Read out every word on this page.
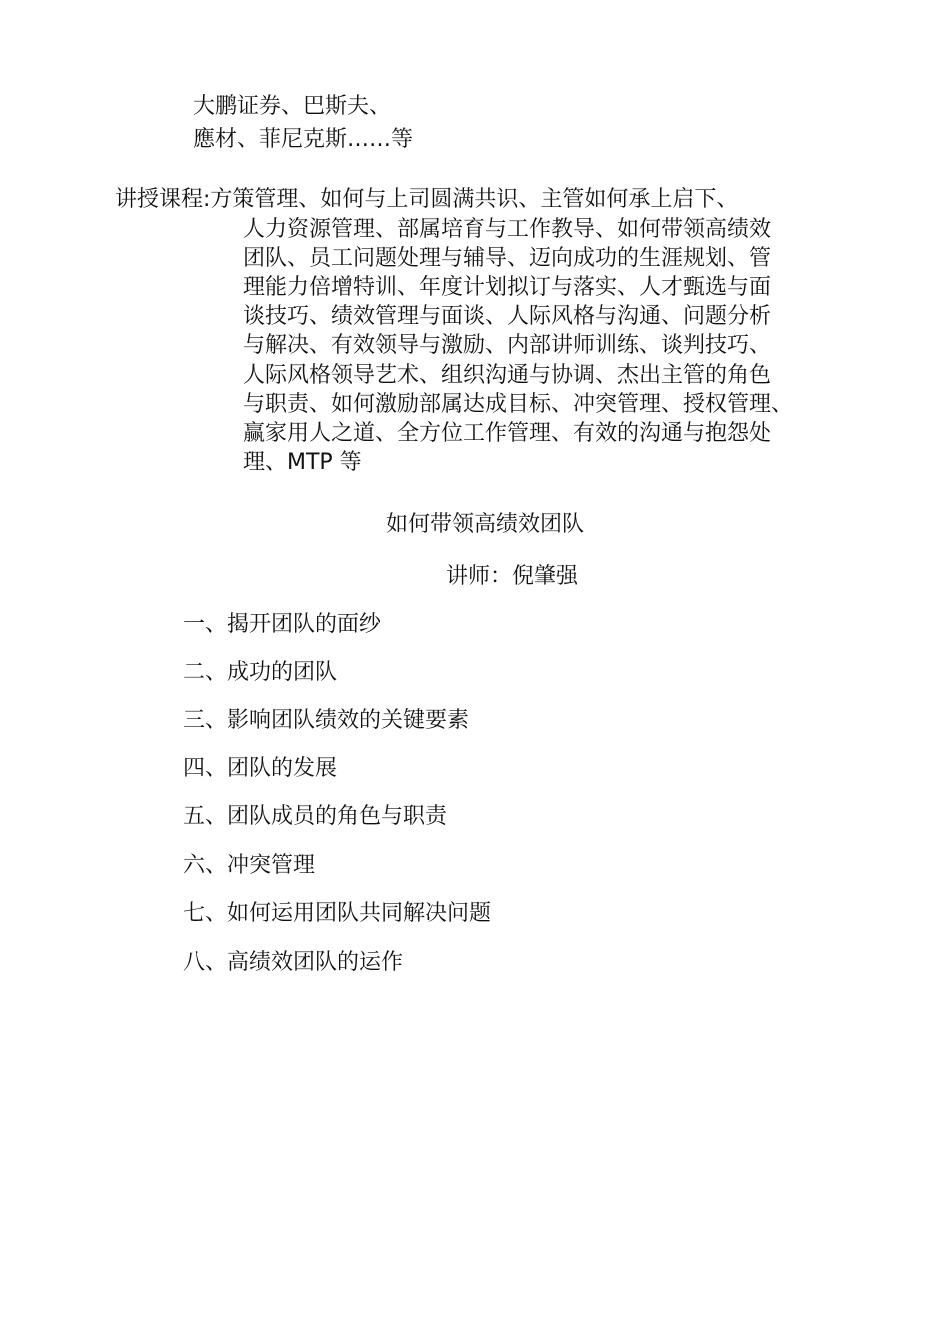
大鹏证券、巴斯夫、
應材、菲尼克斯……等
讲授课程:方策管理、如何与上司圆满共识、主管如何承上启下、
人力资源管理、部属培育与工作教导、如何带领高绩效
团队、员工问题处理与辅导、迈向成功的生涯规划、管
理能力倍增特训、年度计划拟订与落实、人才甄选与面
谈技巧、绩效管理与面谈、人际风格与沟通、问题分析
与解决、有效领导与激励、内部讲师训练、谈判技巧、
人际风格领导艺术、组织沟通与协调、杰出主管的角色
与职责、如何激励部属达成目标、冲突管理、授权管理、
赢家用人之道、全方位工作管理、有效的沟通与抱怨处
理、MTP 等
如何带领高绩效团队
讲师：倪肇强
一、揭开团队的面纱
二、成功的团队
三、影响团队绩效的关键要素
四、团队的发展
五、团队成员的角色与职责
六、冲突管理
七、如何运用团队共同解决问题
八、高绩效团队的运作
